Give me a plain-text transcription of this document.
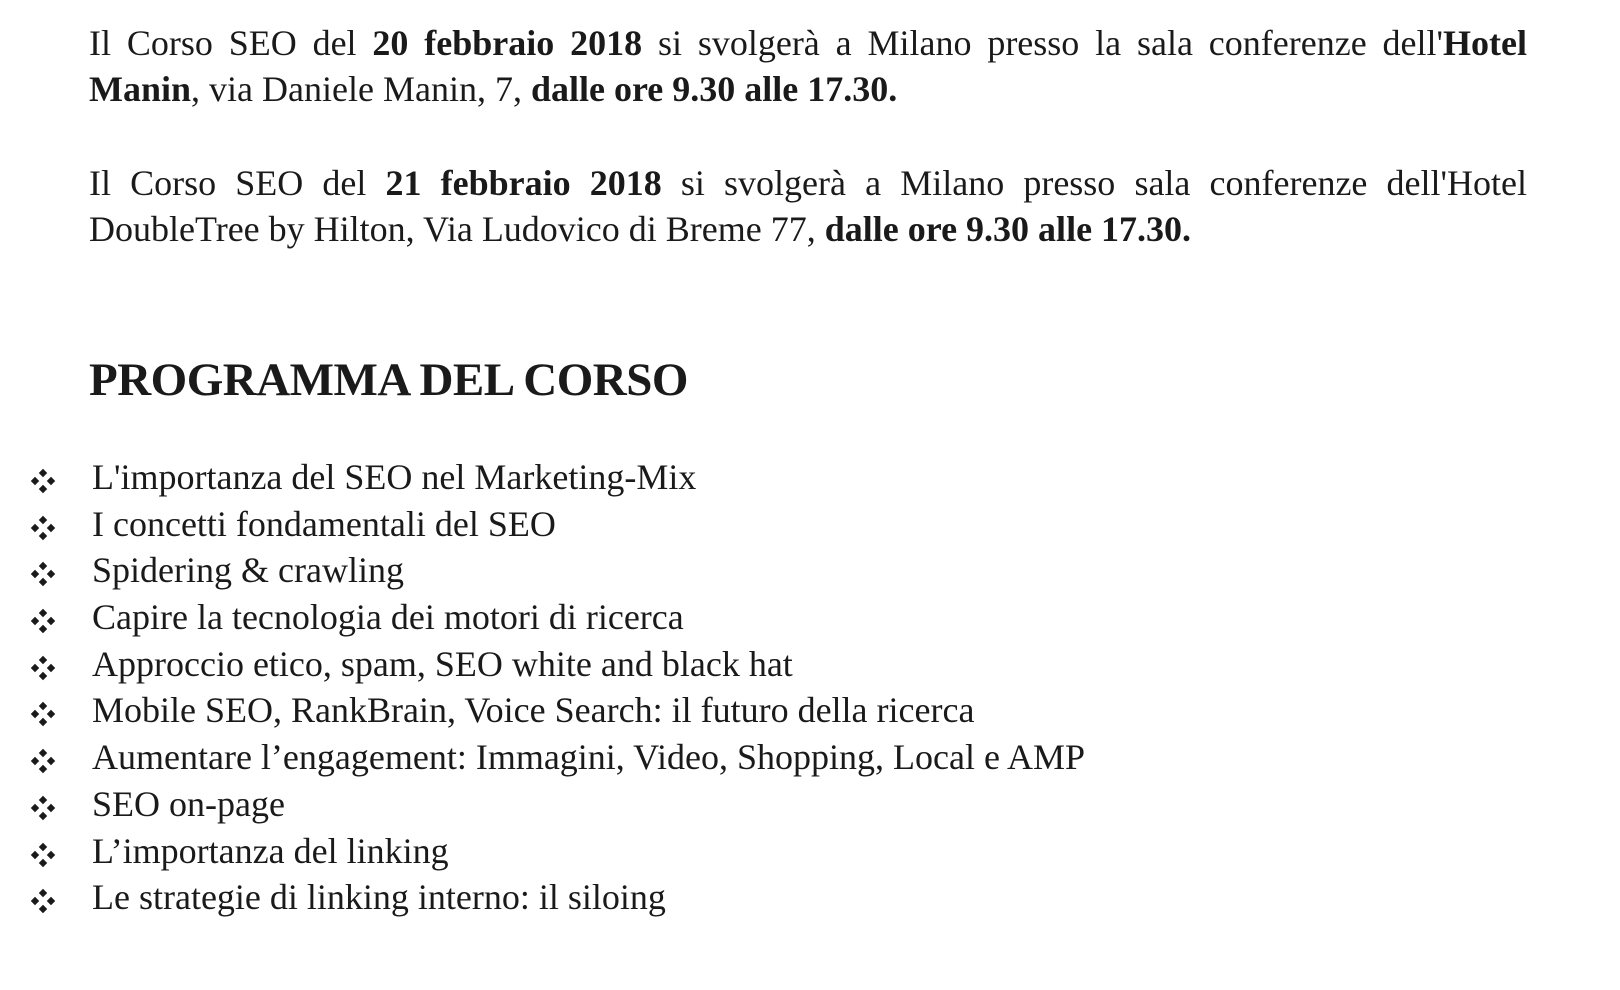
Il Corso SEO del 20 febbraio 2018 si svolgerà a Milano presso la sala conferenze dell'Hotel Manin, via Daniele Manin, 7, dalle ore 9.30 alle 17.30.

Il Corso SEO del 21 febbraio 2018 si svolgerà a Milano presso sala conferenze dell'Hotel DoubleTree by Hilton, Via Ludovico di Breme 77, dalle ore 9.30 alle 17.30.

PROGRAMMA DEL CORSO
L'importanza del SEO nel Marketing-Mix
I concetti fondamentali del SEO
Spidering & crawling
Capire la tecnologia dei motori di ricerca
Approccio etico, spam, SEO white and black hat
Mobile SEO, RankBrain, Voice Search: il futuro della ricerca
Aumentare l’engagement: Immagini, Video, Shopping, Local e AMP
SEO on-page
L’importanza del linking
Le strategie di linking interno: il siloing
